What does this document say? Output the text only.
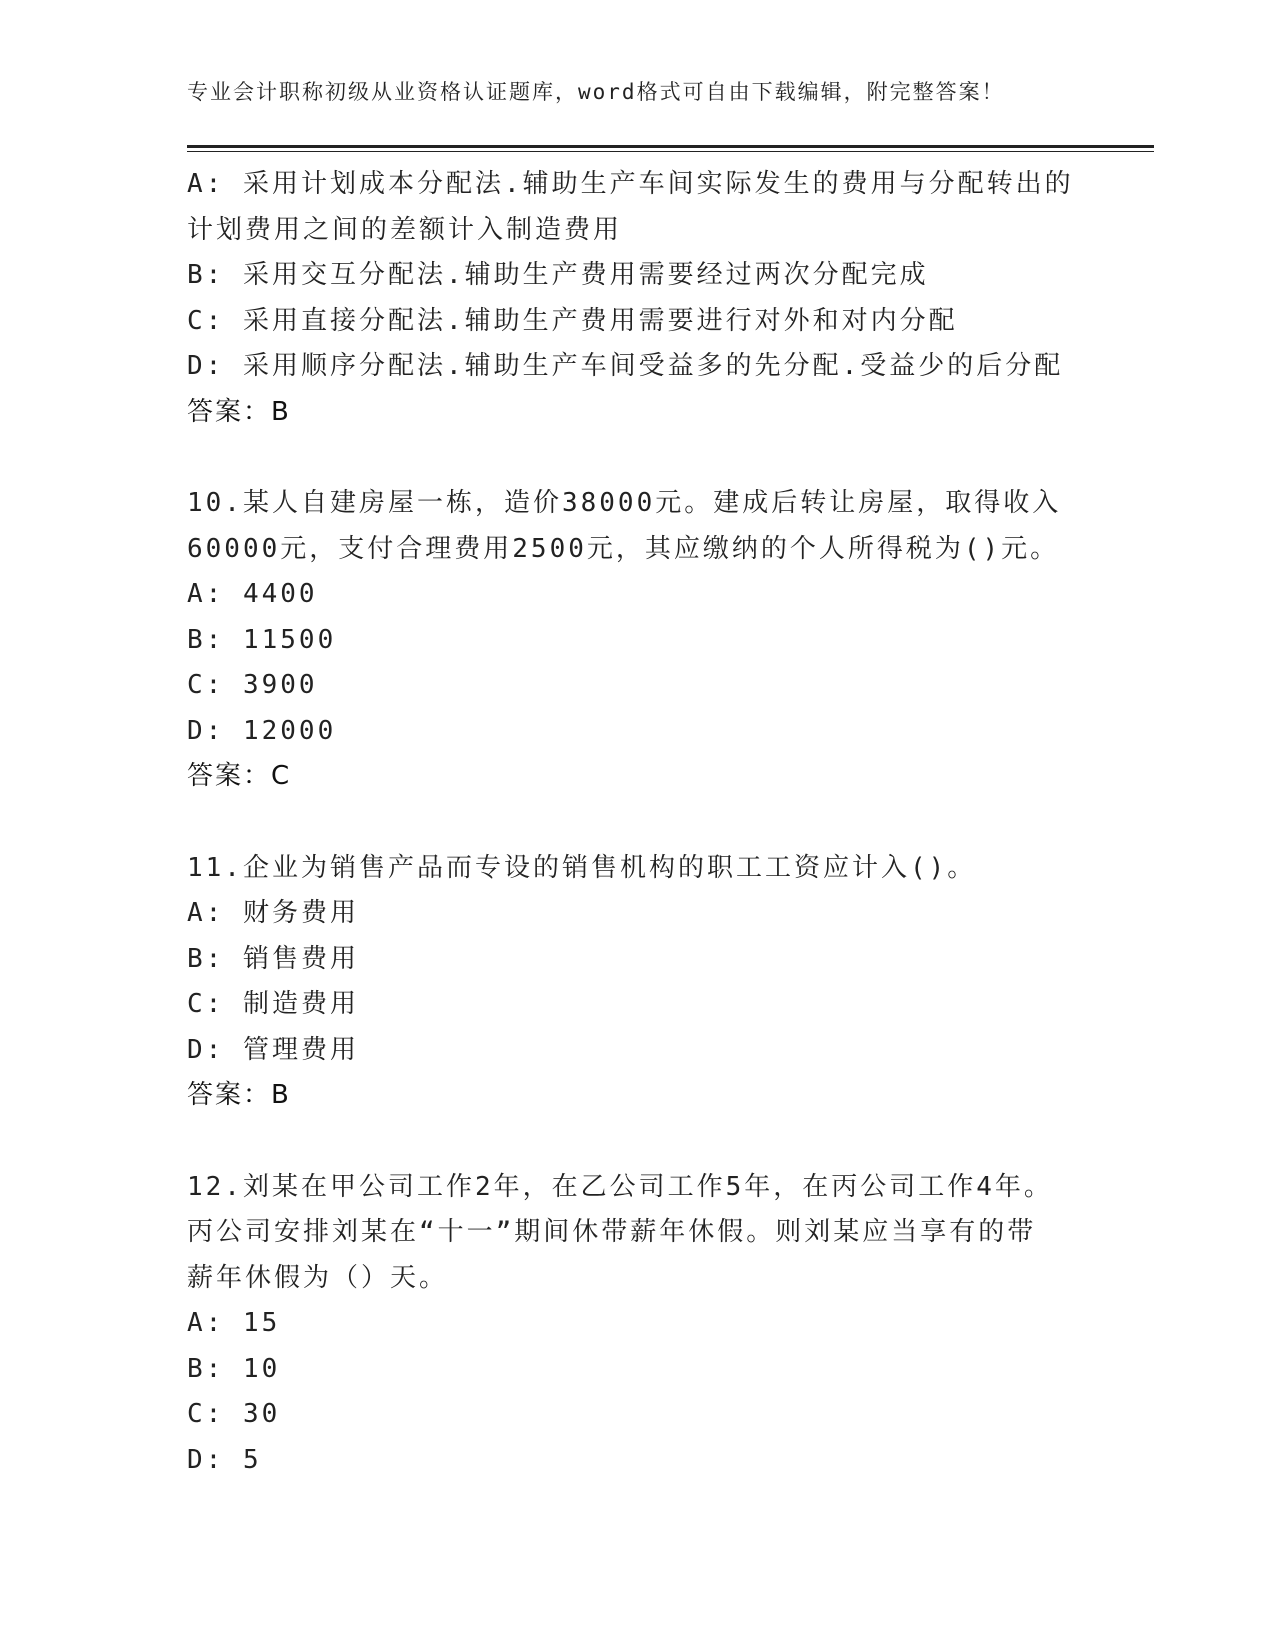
专业会计职称初级从业资格认证题库，word格式可自由下载编辑，附完整答案！
A: 采用计划成本分配法.辅助生产车间实际发生的费用与分配转出的
计划费用之间的差额计入制造费用
B: 采用交互分配法.辅助生产费用需要经过两次分配完成
C: 采用直接分配法.辅助生产费用需要进行对外和对内分配
D: 采用顺序分配法.辅助生产车间受益多的先分配.受益少的后分配
答案：B
10.某人自建房屋一栋，造价38000元。建成后转让房屋，取得收入
60000元，支付合理费用2500元，其应缴纳的个人所得税为()元。
A: 4400
B: 11500
C: 3900
D: 12000
答案：C
11.企业为销售产品而专设的销售机构的职工工资应计入()。
A: 财务费用
B: 销售费用
C: 制造费用
D: 管理费用
答案：B
12.刘某在甲公司工作2年，在乙公司工作5年，在丙公司工作4年。
丙公司安排刘某在“十一”期间休带薪年休假。则刘某应当享有的带
薪年休假为（）天。
A: 15
B: 10
C: 30
D: 5
